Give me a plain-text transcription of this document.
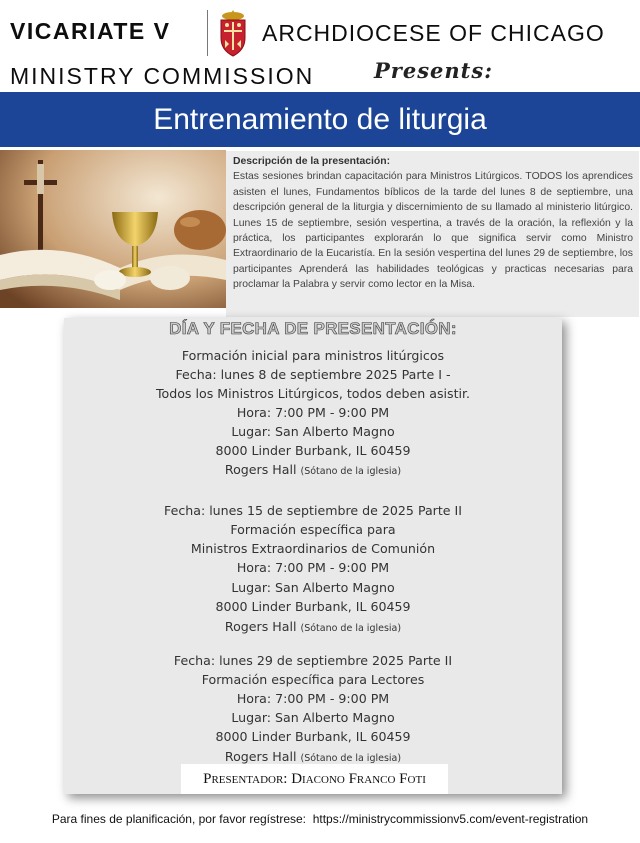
VICARIATE V	ARCHDIOCESE OF CHICAGO
MINISTRY COMMISSION	Presents:
Entrenamiento de liturgia
Descripción de la presentación:
Estas sesiones brindan capacitación para Ministros Litúrgicos. TODOS los aprendices asisten el lunes, Fundamentos bíblicos de la tarde del lunes 8 de septiembre, una descripción general de la liturgia y discernimiento de su llamado al ministerio litúrgico. Lunes 15 de septiembre, sesión vespertina, a través de la oración, la reflexión y la práctica, los participantes explorarán lo que significa servir como Ministro Extraordinario de la Eucaristía. En la sesión vespertina del lunes 29 de septiembre, los participantes Aprenderá las habilidades teológicas y practicas necesarias para proclamar la Palabra y servir como lector en la Misa.
DÍA Y FECHA DE PRESENTACIÓN:
Formación inicial para ministros litúrgicos
Fecha: lunes 8 de septiembre 2025 Parte I -
Todos los Ministros Litúrgicos, todos deben asistir.
Hora: 7:00 PM - 9:00 PM
Lugar: San Alberto Magno
8000 Linder Burbank, IL 60459
Rogers Hall (Sótano de la iglesia)
Fecha: lunes 15 de septiembre de 2025 Parte II
Formación específica para
Ministros Extraordinarios de Comunión
Hora: 7:00 PM - 9:00 PM
Lugar: San Alberto Magno
8000 Linder Burbank, IL 60459
Rogers Hall (Sótano de la iglesia)
Fecha: lunes 29 de septiembre 2025 Parte II
Formación específica para Lectores
Hora: 7:00 PM - 9:00 PM
Lugar: San Alberto Magno
8000 Linder Burbank, IL 60459
Rogers Hall (Sótano de la iglesia)
Presentador: Diacono Franco Foti
Para fines de planificación, por favor regístrese: https://ministrycommissionv5.com/event-registration
